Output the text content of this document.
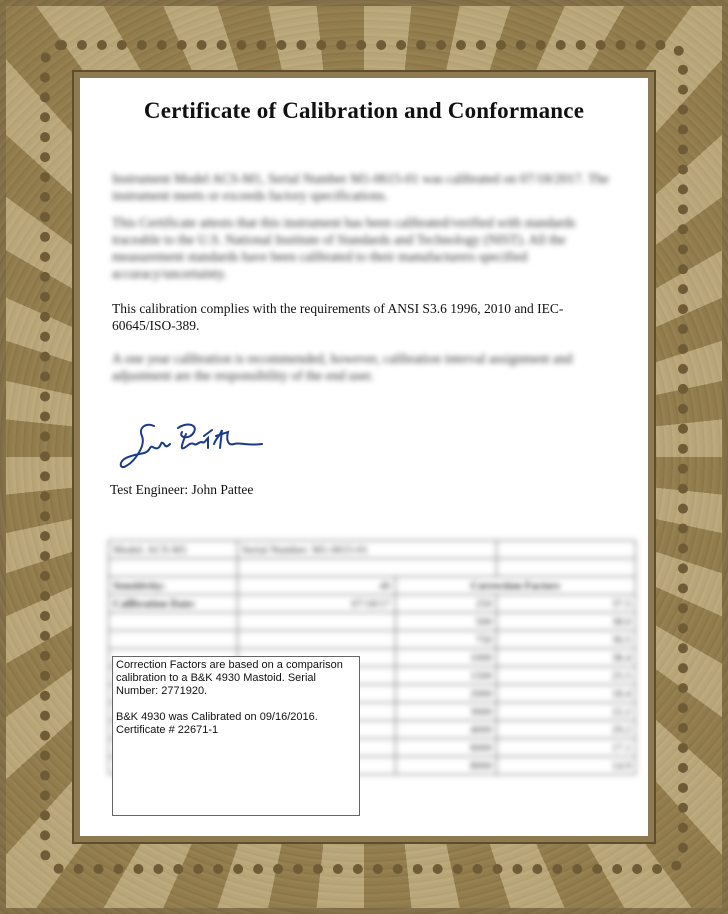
Certificate of Calibration and Conformance
Instrument Model ACS-M1, Serial Number M1-0615-01 was calibrated on 07/18/2017. The instrument meets or exceeds factory specifications.
This Certificate attests that this instrument has been calibrated/verified with standards traceable to the U.S. National Institute of Standards and Technology (NIST). All the measurement standards have been calibrated to their manufacturers specified accuracy/uncertainty.
This calibration complies with the requirements of ANSI S3.6 1996, 2010 and IEC-60645/ISO-389.
A one year calibration is recommended, however, calibration interval assignment and adjustment are the responsibility of the end user.
Test Engineer: John Pattee
Model: ACS-M1	Serial Number: M1-0615-01		

Sensitivity:	40	Correction Factors	
Calibration Date:	07/18/17	250	37.5
		500	38.0
		750	36.5
		1000	38.4
		1500	25.5
		2000	18.4
		3000	22.2
		4000	29.2
		6000	17.1
		8000	14.9

Correction Factors are based on a comparison calibration to a B&K 4930 Mastoid. Serial Number: 2771920.

B&K 4930 was Calibrated on 09/16/2016. Certificate # 22671-1
